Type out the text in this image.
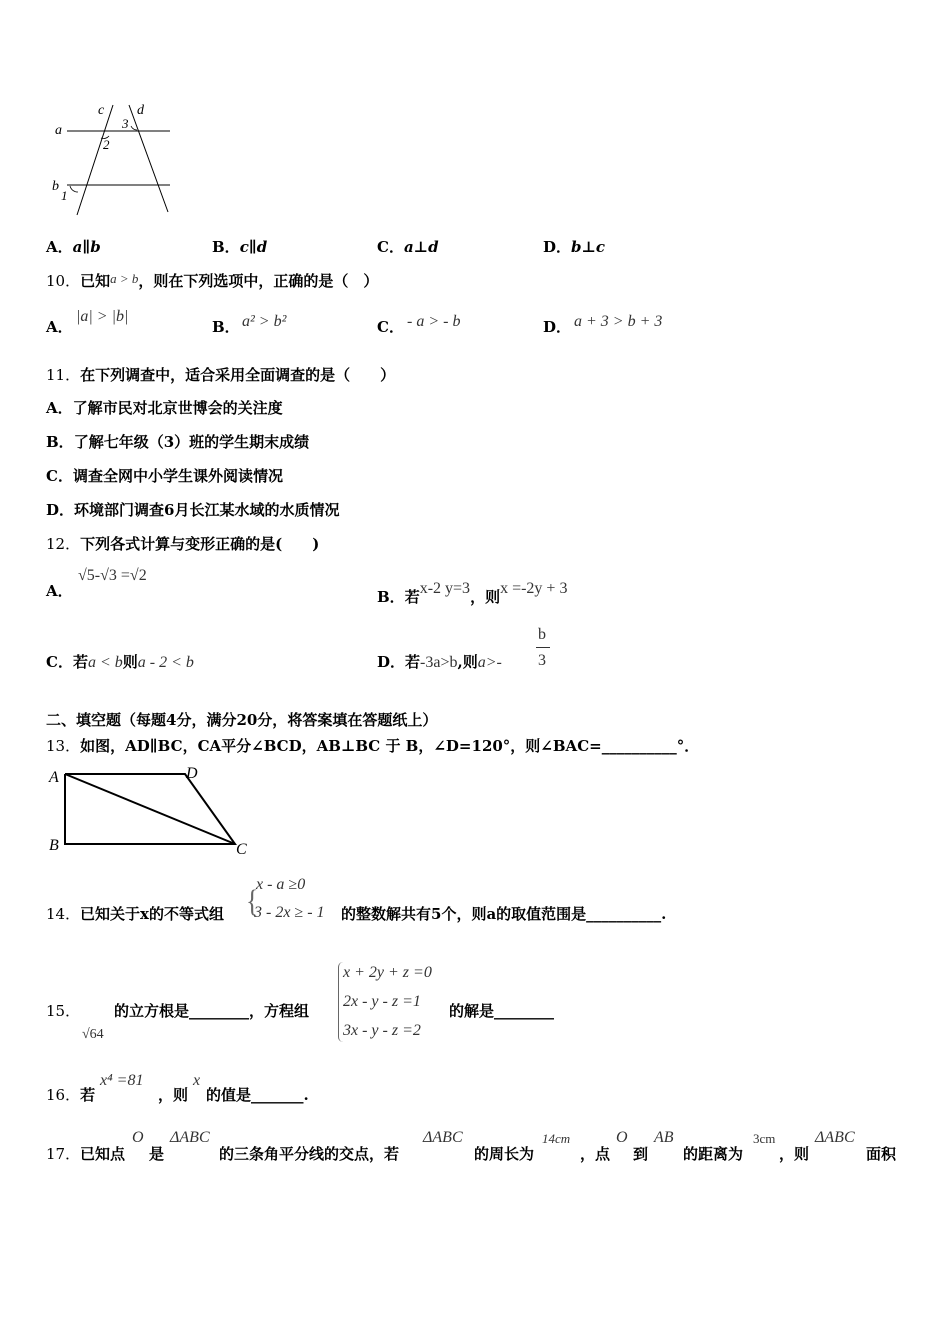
c d
a
b
3
2
1
A．a∥b	B．c∥d	C．a⊥d	D．b⊥c
10．已知a > b，则在下列选项中，正确的是（　）
A．
|a| > |b|
B． a² > b²	C． - a > - b	D． a + 3 > b + 3
11．在下列调查中，适合采用全面调查的是（　　）
A．了解市民对北京世博会的关注度
B．了解七年级（3）班的学生期末成绩
C．调查全网中小学生课外阅读情况
D．环境部门调查6月长江某水域的水质情况
12．下列各式计算与变形正确的是(　　)
A．
√5-√3 =√2
B．若x-2 y=3，则x =-2y + 3
C．若a < b则a - 2 < b	D．若-3a>b,则a>-
b
3
二、填空题（每题4分，满分20分，将答案填在答题纸上）
13．如图，AD∥BC，CA平分∠BCD，AB⊥BC 于 B，∠D=120°，则∠BAC=__________°．
A	D
B	C
14． 已知关于x的不等式组 {
x - a ≥0
3 - 2x ≥ - 1 的整数解共有5个，则a的取值范围是__________.
15．
√64
的立方根是________，方程组
x + 2y + z =0
2x - y - z =1
3x - y - z =2
的解是________
16．若
x⁴ =81
，则
x
的值是_______.
17． 已知点
O
是
ΔABC
的三条角平分线的交点，若
ΔABC
的周长为
14cm
，点
O
到
AB
的距离为
3cm
，则
ΔABC
面积
